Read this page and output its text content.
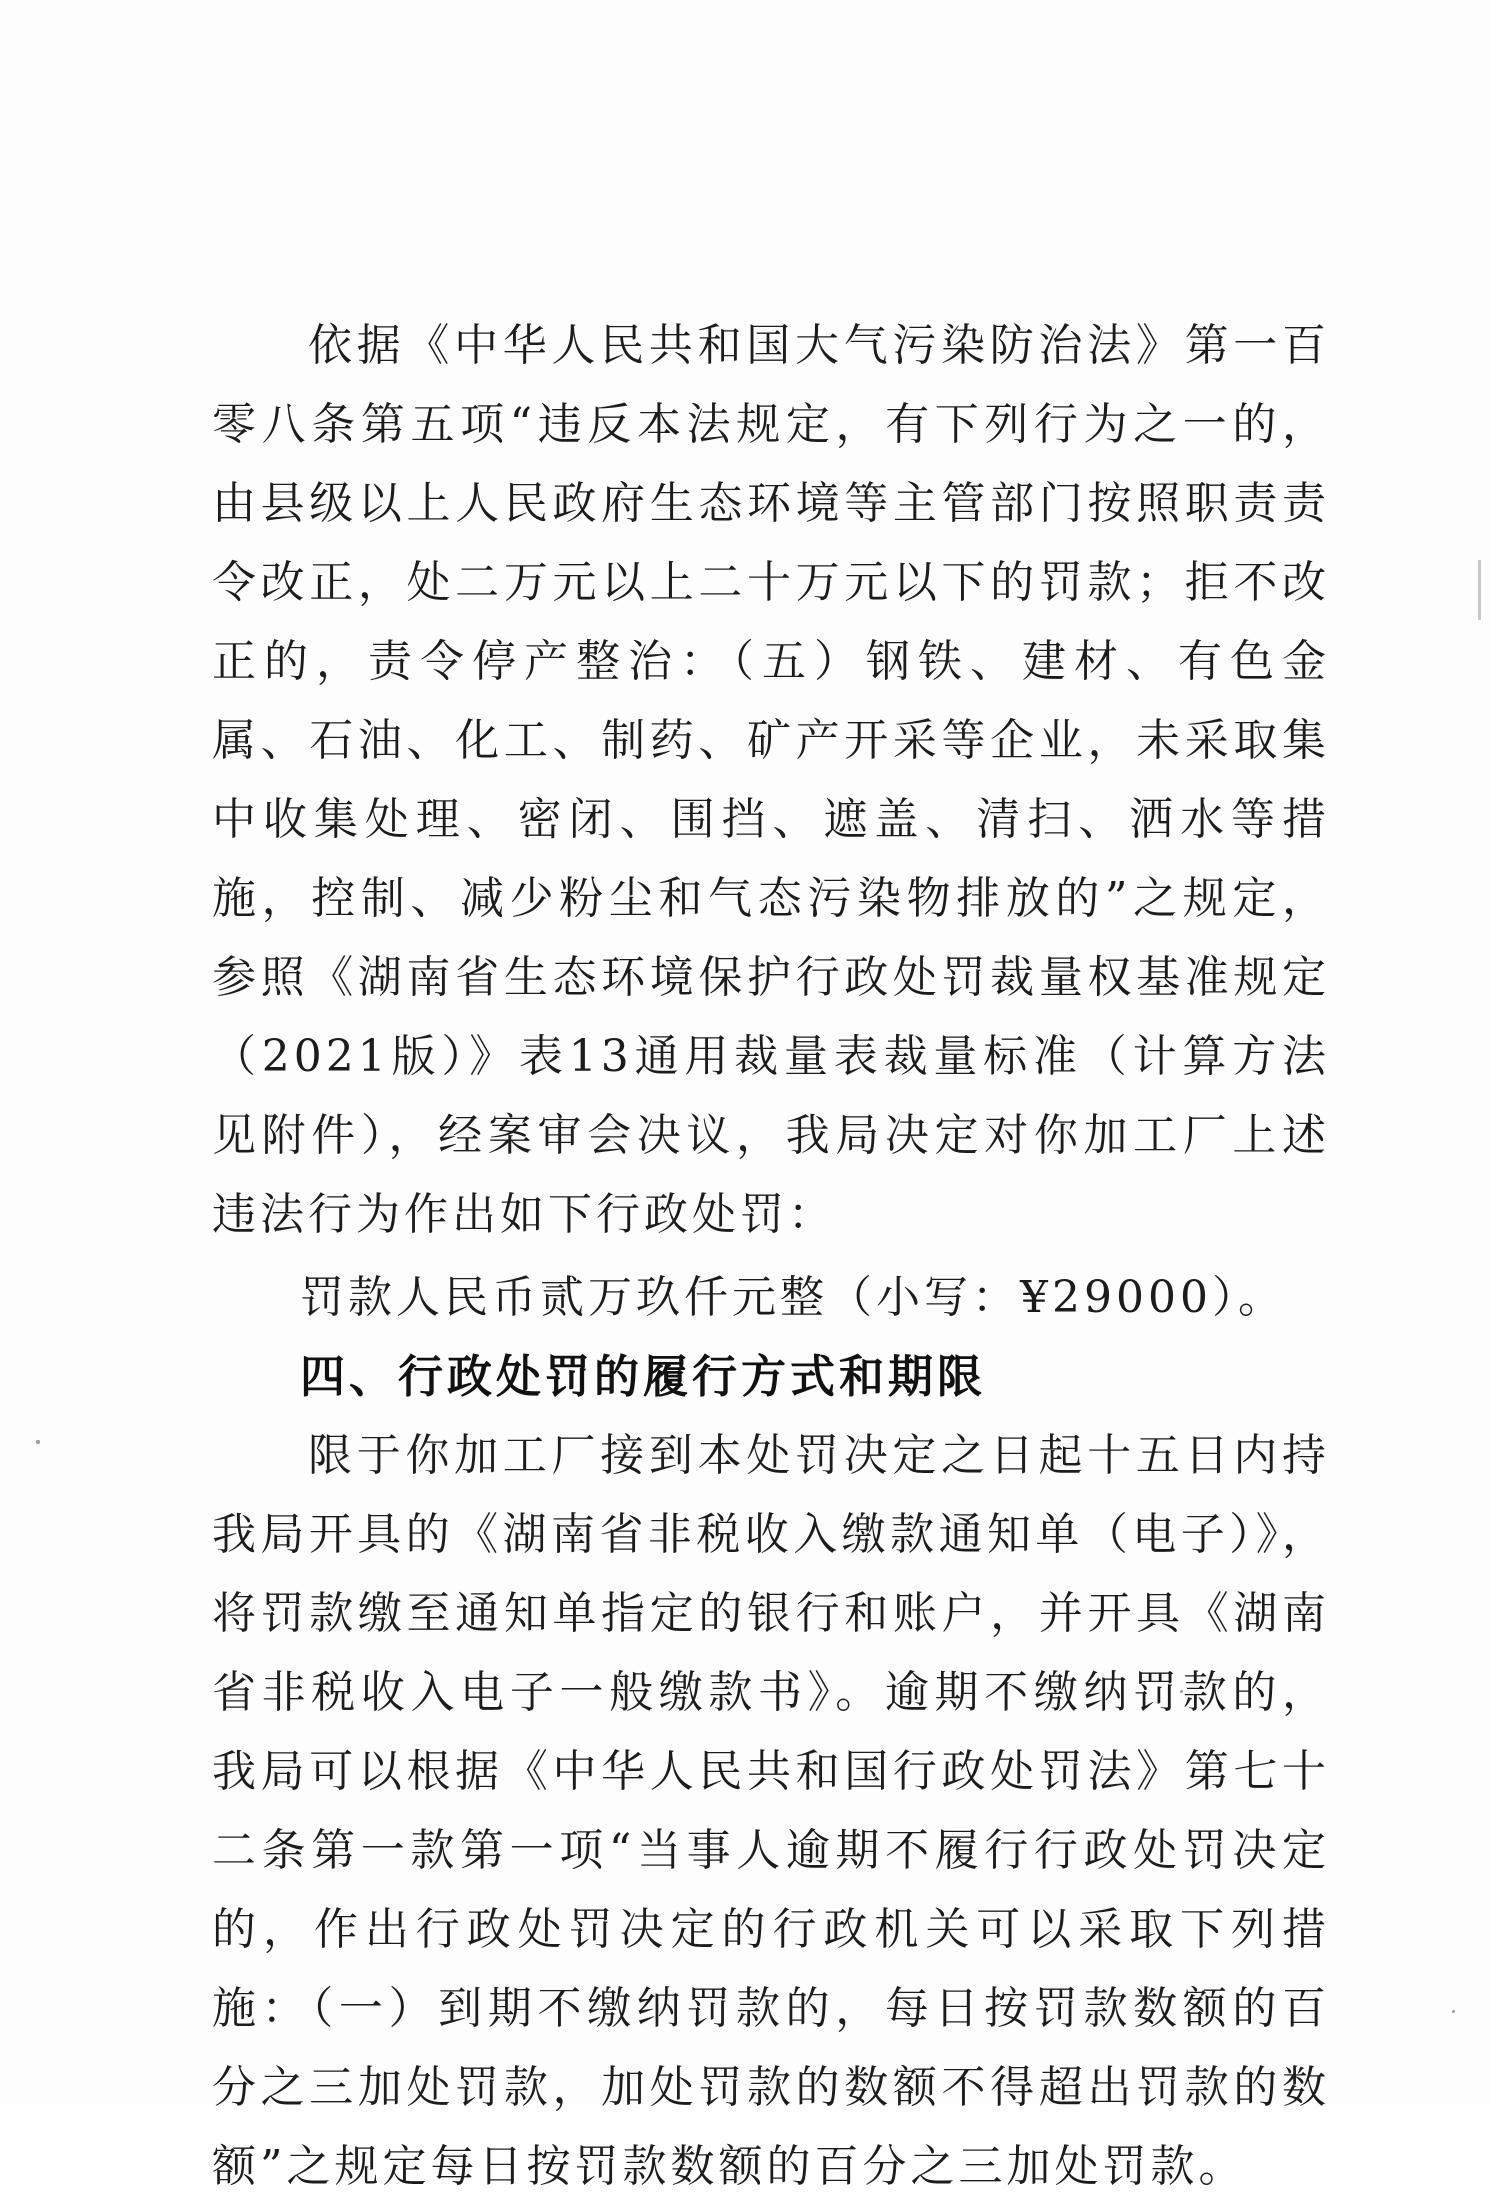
依据《中华人民共和国大气污染防治法》第一百零八条第五项“违反本法规定，有下列行为之一的，由县级以上人民政府生态环境等主管部门按照职责责令改正，处二万元以上二十万元以下的罚款；拒不改正的，责令停产整治：（五）钢铁、建材、有色金属、石油、化工、制药、矿产开采等企业，未采取集中收集处理、密闭、围挡、遮盖、清扫、洒水等措施，控制、减少粉尘和气态污染物排放的”之规定，参照《湖南省生态环境保护行政处罚裁量权基准规定（2021版）》表13通用裁量表裁量标准（计算方法见附件），经案审会决议，我局决定对你加工厂上述违法行为作出如下行政处罚：

罚款人民币贰万玖仟元整（小写：¥29000）。

四、行政处罚的履行方式和期限

限于你加工厂接到本处罚决定之日起十五日内持我局开具的《湖南省非税收入缴款通知单（电子）》，将罚款缴至通知单指定的银行和账户，并开具《湖南省非税收入电子一般缴款书》。逾期不缴纳罚款的，我局可以根据《中华人民共和国行政处罚法》第七十二条第一款第一项“当事人逾期不履行行政处罚决定的，作出行政处罚决定的行政机关可以采取下列措施：（一）到期不缴纳罚款的，每日按罚款数额的百分之三加处罚款，加处罚款的数额不得超出罚款的数额”之规定每日按罚款数额的百分之三加处罚款。
